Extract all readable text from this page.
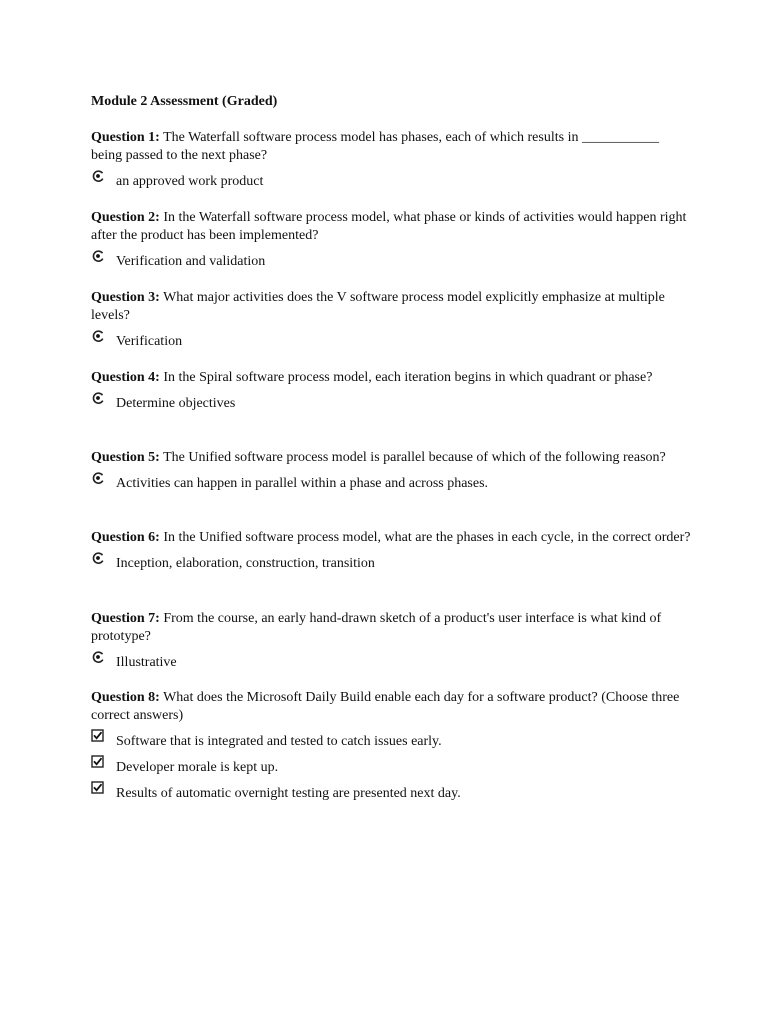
Module 2 Assessment (Graded)

Question 1: The Waterfall software process model has phases, each of which results in ___________ being passed to the next phase?

an approved work product

Question 2: In the Waterfall software process model, what phase or kinds of activities would happen right after the product has been implemented?

Verification and validation

Question 3: What major activities does the V software process model explicitly emphasize at multiple levels?

Verification

Question 4: In the Spiral software process model, each iteration begins in which quadrant or phase?

Determine objectives

Question 5: The Unified software process model is parallel because of which of the following reason?

Activities can happen in parallel within a phase and across phases.

Question 6: In the Unified software process model, what are the phases in each cycle, in the correct order?

Inception, elaboration, construction, transition

Question 7: From the course, an early hand-drawn sketch of a product's user interface is what kind of prototype?

Illustrative

Question 8: What does the Microsoft Daily Build enable each day for a software product? (Choose three correct answers)

Software that is integrated and tested to catch issues early.
Developer morale is kept up.
Results of automatic overnight testing are presented next day.
